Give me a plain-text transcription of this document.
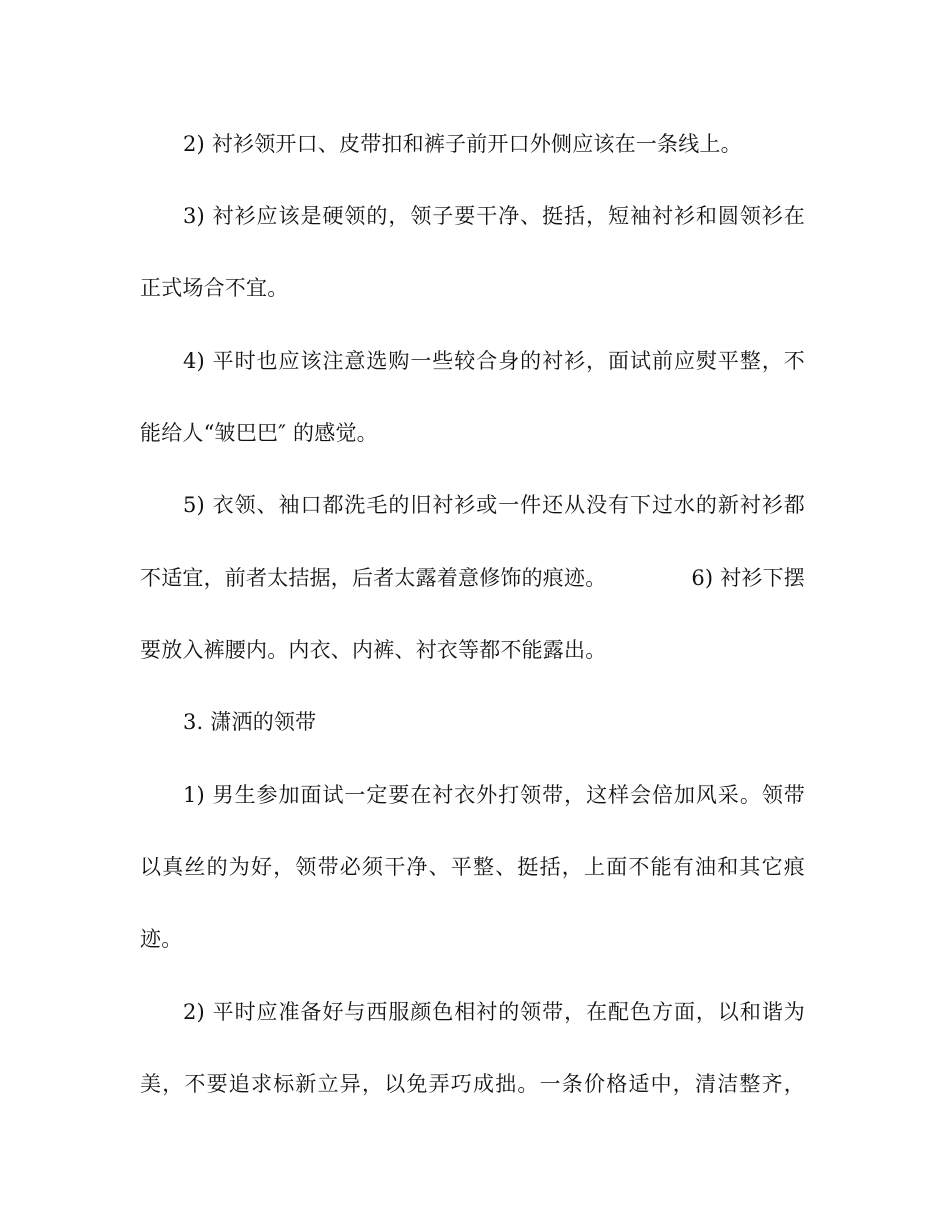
2) 衬衫领开口、皮带扣和裤子前开口外侧应该在一条线上。
3) 衬衫应该是硬领的，领子要干净、挺括，短袖衬衫和圆领衫在
正式场合不宜。
4) 平时也应该注意选购一些较合身的衬衫，面试前应熨平整，不
能给人“皱巴巴″ 的感觉。
5) 衣领、袖口都洗毛的旧衬衫或一件还从没有下过水的新衬衫都
不适宜，前者太拮据，后者太露着意修饰的痕迹。	6) 衬衫下摆
要放入裤腰内。内衣、内裤、衬衣等都不能露出。
3. 潇洒的领带
1) 男生参加面试一定要在衬衣外打领带，这样会倍加风采。领带
以真丝的为好，领带必须干净、平整、挺括，上面不能有油和其它痕
迹。
2) 平时应准备好与西服颜色相衬的领带，在配色方面，以和谐为
美，不要追求标新立异，以免弄巧成拙。一条价格适中，清洁整齐，
